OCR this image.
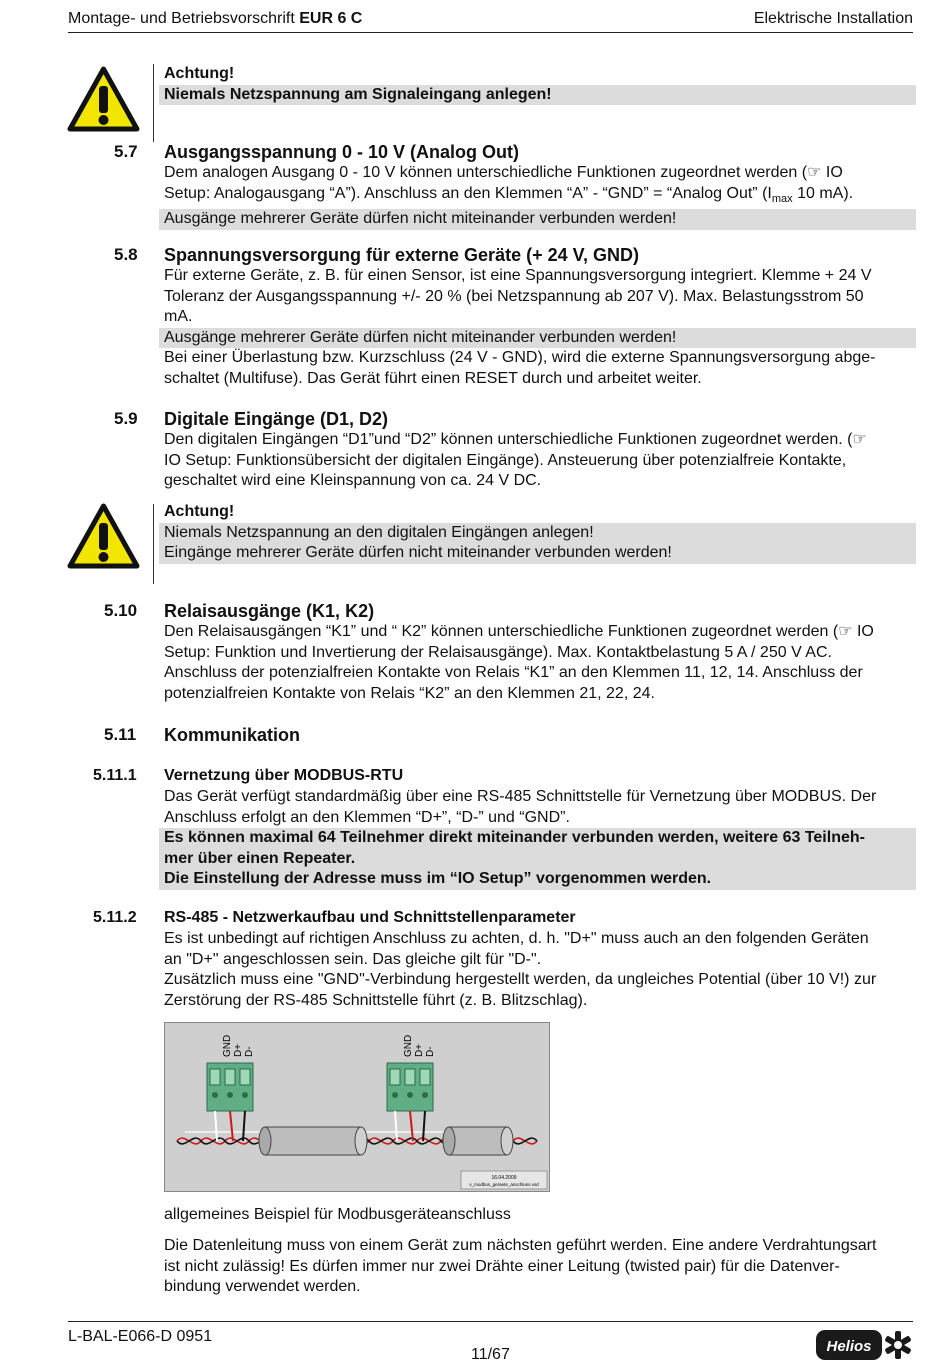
Montage- und Betriebsvorschrift EUR 6 C	Elektrische Installation
Achtung!
Niemals Netzspannung am Signaleingang anlegen!
5.7 Ausgangsspannung 0 - 10 V (Analog Out)
Dem analogen Ausgang 0 - 10 V können unterschiedliche Funktionen zugeordnet werden (☞ IO
Setup: Analogausgang “A”). Anschluss an den Klemmen “A” - “GND” = “Analog Out” ($I_{max}$ 10 mA).
Ausgänge mehrerer Geräte dürfen nicht miteinander verbunden werden!
5.8 Spannungsversorgung für externe Geräte (+ 24 V, GND)
Für externe Geräte, z. B. für einen Sensor, ist eine Spannungsversorgung integriert. Klemme + 24 V
Toleranz der Ausgangsspannung +/- 20 % (bei Netzspannung ab 207 V). Max. Belastungsstrom 50
mA.
Ausgänge mehrerer Geräte dürfen nicht miteinander verbunden werden!
Bei einer Überlastung bzw. Kurzschluss (24 V - GND), wird die externe Spannungsversorgung abge-
schaltet (Multifuse). Das Gerät führt einen RESET durch und arbeitet weiter.
5.9 Digitale Eingänge (D1, D2)
Den digitalen Eingängen “D1”und “D2” können unterschiedliche Funktionen zugeordnet werden. (☞
IO Setup: Funktionsübersicht der digitalen Eingänge). Ansteuerung über potenzialfreie Kontakte,
geschaltet wird eine Kleinspannung von ca. 24 V DC.
Achtung!
Niemals Netzspannung an den digitalen Eingängen anlegen!
Eingänge mehrerer Geräte dürfen nicht miteinander verbunden werden!
5.10 Relaisausgänge (K1, K2)
Den Relaisausgängen “K1” und “ K2” können unterschiedliche Funktionen zugeordnet werden (☞ IO
Setup: Funktion und Invertierung der Relaisausgänge). Max. Kontaktbelastung 5 A / 250 V AC.
Anschluss der potenzialfreien Kontakte von Relais “K1” an den Klemmen 11, 12, 14. Anschluss der
potenzialfreien Kontakte von Relais “K2” an den Klemmen 21, 22, 24.
5.11 Kommunikation
5.11.1 Vernetzung über MODBUS-RTU
Das Gerät verfügt standardmäßig über eine RS-485 Schnittstelle für Vernetzung über MODBUS. Der
Anschluss erfolgt an den Klemmen “D+”, “D-” und “GND”.
Es können maximal 64 Teilnehmer direkt miteinander verbunden werden, weitere 63 Teilneh-
mer über einen Repeater.
Die Einstellung der Adresse muss im “IO Setup” vorgenommen werden.
5.11.2 RS-485 - Netzwerkaufbau und Schnittstellenparameter
Es ist unbedingt auf richtigen Anschluss zu achten, d. h. "D+" muss auch an den folgenden Geräten
an "D+" angeschlossen sein. Das gleiche gilt für "D-".
Zusätzlich muss eine "GND"-Verbindung hergestellt werden, da ungleiches Potential (über 10 V!) zur
Zerstörung der RS-485 Schnittstelle führt (z. B. Blitzschlag).
GND D+ D-	GND D+ D-
16.04.2009
v_modbus_geraete_anschluss.vsd
allgemeines Beispiel für Modbusgeräteanschluss
Die Datenleitung muss von einem Gerät zum nächsten geführt werden. Eine andere Verdrahtungsart
ist nicht zulässig! Es dürfen immer nur zwei Drähte einer Leitung (twisted pair) für die Datenver-
bindung verwendet werden.
L-BAL-E066-D 0951
11/67	Helios
